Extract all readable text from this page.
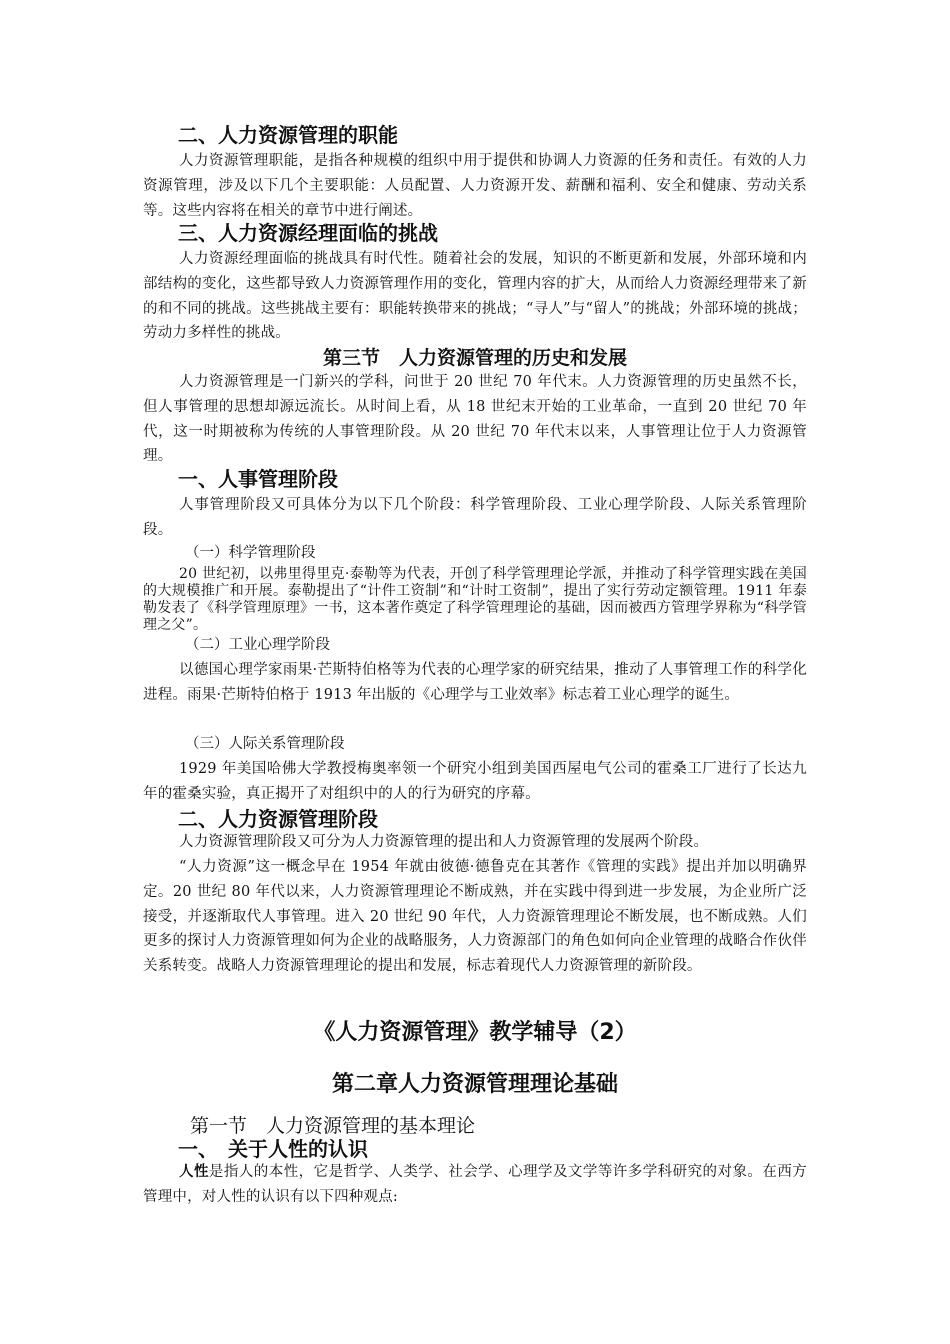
二、人力资源管理的职能

人力资源管理职能，是指各种规模的组织中用于提供和协调人力资源的任务和责任。有效的人力资源管理，涉及以下几个主要职能：人员配置、人力资源开发、薪酬和福利、安全和健康、劳动关系等。这些内容将在相关的章节中进行阐述。

三、人力资源经理面临的挑战

人力资源经理面临的挑战具有时代性。随着社会的发展，知识的不断更新和发展，外部环境和内部结构的变化，这些都导致人力资源管理作用的变化，管理内容的扩大，从而给人力资源经理带来了新的和不同的挑战。这些挑战主要有：职能转换带来的挑战；“寻人”与“留人”的挑战；外部环境的挑战；劳动力多样性的挑战。

第三节　人力资源管理的历史和发展

人力资源管理是一门新兴的学科，问世于 20 世纪 70 年代末。人力资源管理的历史虽然不长，但人事管理的思想却源远流长。从时间上看，从 18 世纪末开始的工业革命，一直到 20 世纪 70 年代，这一时期被称为传统的人事管理阶段。从 20 世纪 70 年代末以来，人事管理让位于人力资源管理。

一、人事管理阶段

人事管理阶段又可具体分为以下几个阶段：科学管理阶段、工业心理学阶段、人际关系管理阶段。

（一）科学管理阶段

20 世纪初，以弗里得里克·泰勒等为代表，开创了科学管理理论学派，并推动了科学管理实践在美国的大规模推广和开展。泰勒提出了“计件工资制”和“计时工资制”，提出了实行劳动定额管理。1911 年泰勒发表了《科学管理原理》一书，这本著作奠定了科学管理理论的基础，因而被西方管理学界称为“科学管理之父”。

（二）工业心理学阶段

以德国心理学家雨果·芒斯特伯格等为代表的心理学家的研究结果，推动了人事管理工作的科学化进程。雨果·芒斯特伯格于 1913 年出版的《心理学与工业效率》标志着工业心理学的诞生。

（三）人际关系管理阶段

1929 年美国哈佛大学教授梅奥率领一个研究小组到美国西屋电气公司的霍桑工厂进行了长达九年的霍桑实验，真正揭开了对组织中的人的行为研究的序幕。

二、人力资源管理阶段

人力资源管理阶段又可分为人力资源管理的提出和人力资源管理的发展两个阶段。

“人力资源”这一概念早在 1954 年就由彼德·德鲁克在其著作《管理的实践》提出并加以明确界定。20 世纪 80 年代以来，人力资源管理理论不断成熟，并在实践中得到进一步发展，为企业所广泛接受，并逐渐取代人事管理。进入 20 世纪 90 年代，人力资源管理理论不断发展，也不断成熟。人们更多的探讨人力资源管理如何为企业的战略服务，人力资源部门的角色如何向企业管理的战略合作伙伴关系转变。战略人力资源管理理论的提出和发展，标志着现代人力资源管理的新阶段。

《人力资源管理》教学辅导（2）
第二章人力资源管理理论基础
第一节　人力资源管理的基本理论
一、　关于人性的认识

人性是指人的本性，它是哲学、人类学、社会学、心理学及文学等许多学科研究的对象。在西方管理中，对人性的认识有以下四种观点:
